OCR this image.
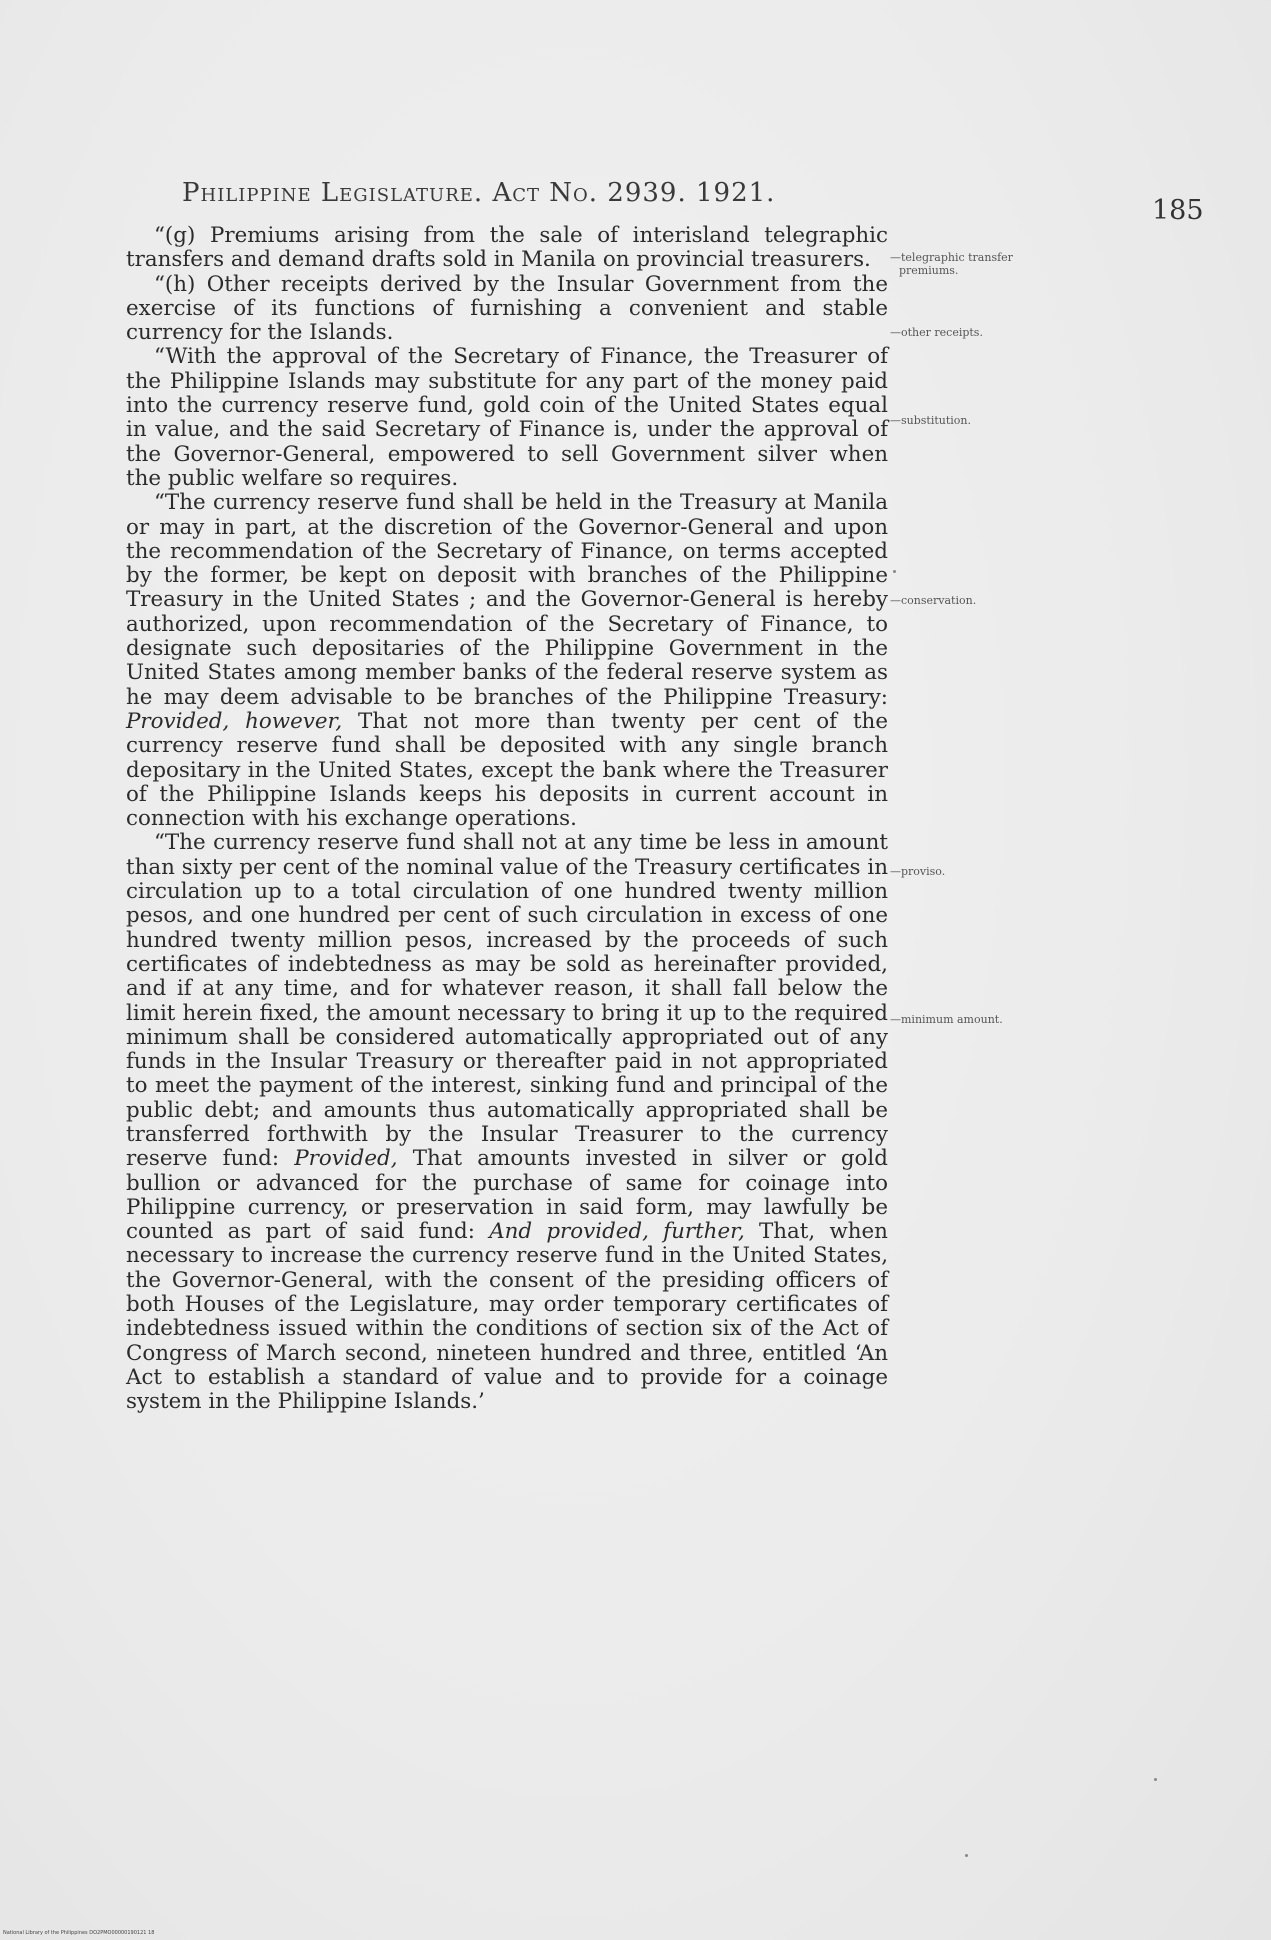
Philippine Legislature. Act No. 2939. 1921.
185

“(g) Premiums arising from the sale of interisland telegraphic transfers and demand drafts sold in Manila on provincial treasurers.

“(h) Other receipts derived by the Insular Government from the exercise of its functions of furnishing a convenient and stable currency for the Islands.

“With the approval of the Secretary of Finance, the Treasurer of the Philippine Islands may substitute for any part of the money paid into the currency reserve fund, gold coin of the United States equal in value, and the said Secretary of Finance is, under the approval of the Governor-General, empowered to sell Government silver when the public welfare so requires.

“The currency reserve fund shall be held in the Treasury at Manila or may in part, at the discretion of the Governor-General and upon the recommendation of the Secretary of Finance, on terms accepted by the former, be kept on deposit with branches of the Philippine Treasury in the United States ; and the Governor-General is hereby authorized, upon recommendation of the Secretary of Finance, to designate such depositaries of the Philippine Government in the United States among member banks of the federal reserve system as he may deem advisable to be branches of the Philippine Treasury: Provided, however, That not more than twenty per cent of the currency reserve fund shall be deposited with any single branch depositary in the United States, except the bank where the Treasurer of the Philippine Islands keeps his deposits in current account in connection with his exchange operations.

“The currency reserve fund shall not at any time be less in amount than sixty per cent of the nominal value of the Treasury certificates in circulation up to a total circulation of one hundred twenty million pesos, and one hundred per cent of such circulation in excess of one hundred twenty million pesos, increased by the proceeds of such certificates of indebtedness as may be sold as hereinafter provided, and if at any time, and for whatever reason, it shall fall below the limit herein fixed, the amount necessary to bring it up to the required minimum shall be considered automatically appropriated out of any funds in the Insular Treasury or thereafter paid in not appropriated to meet the payment of the interest, sinking fund and principal of the public debt; and amounts thus automatically appropriated shall be transferred forthwith by the Insular Treasurer to the currency reserve fund: Provided, That amounts invested in silver or gold bullion or advanced for the purchase of same for coinage into Philippine currency, or preservation in said form, may lawfully be counted as part of said fund: And provided, further, That, when necessary to increase the currency reserve fund in the United States, the Governor-General, with the consent of the presiding officers of both Houses of the Legislature, may order temporary certificates of indebtedness issued within the conditions of section six of the Act of Congress of March second, nineteen hundred and three, entitled ‘An Act to establish a standard of value and to provide for a coinage system in the Philippine Islands.’

—telegraphic transfer
premiums.
—other receipts.
—substitution.
—conservation.
—proviso.
—minimum amount.
National Library of the Philippines DO2PMO00000190121 18
